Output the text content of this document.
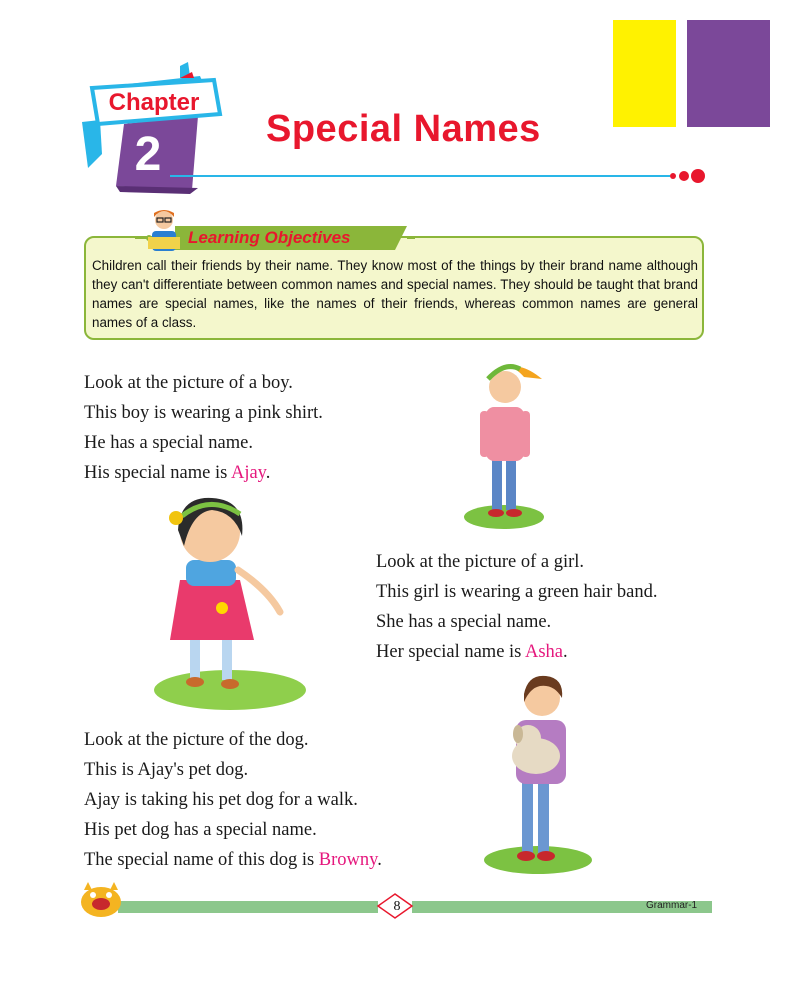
Chapter
2	Special Names
Learning Objectives
Children call their friends by their name. They know most of the things by their brand name although they can't differentiate between common names and special names. They should be taught that brand names are special names, like the names of their friends, whereas common names are general names of a class.
Look at the picture of a boy.
This boy is wearing a pink shirt.
He has a special name.
His special name is Ajay.
Look at the picture of a girl.
This girl is wearing a green hair band.
She has a special name.
Her special name is Asha.
Look at the picture of the dog.
This is Ajay's pet dog.
Ajay is taking his pet dog for a walk.
His pet dog has a special name.
The special name of this dog is Browny.
8	Grammar-1
